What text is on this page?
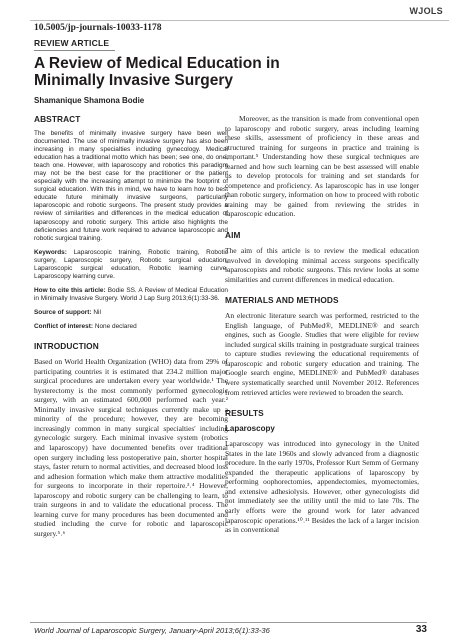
WJOLS
10.5005/jp-journals-10033-1178
REVIEW ARTICLE
A Review of Medical Education in Minimally Invasive Surgery
Shamanique Shamona Bodie
ABSTRACT

The benefits of minimally invasive surgery have been well documented. The use of minimally invasive surgery has also been increasing in many specialties including gynecology. Medical education has a traditional motto which has been; see one, do one, teach one. However, with laparoscopy and robotics this paradigm may not be the best case for the practitioner or the patient especially with the increasing attempt to minimize the footprint of surgical education. With this in mind, we have to learn how to best educate future minimally invasive surgeons, particularly laparoscopic and robotic surgeons. The present study provides a review of similarities and differences in the medical education of laparoscopy and robotic surgery. This article also highlights the deficiencies and future work required to advance laparoscopic and robotic surgical training.

Keywords: Laparoscopic training, Robotic training, Robotic surgery, Laparoscopic surgery, Robotic surgical education, Laparoscopic surgical education, Robotic learning curve, Laparoscopy learning curve.

How to cite this article: Bodie SS. A Review of Medical Education in Minimally Invasive Surgery. World J Lap Surg 2013;6(1):33-36.

Source of support: Nil

Conflict of interest: None declared

INTRODUCTION

Based on World Health Organization (WHO) data from 29% of participating countries it is estimated that 234.2 million major surgical procedures are undertaken every year worldwide.¹ The hysterectomy is the most commonly performed gynecologic surgery, with an estimated 600,000 performed each year.² Minimally invasive surgical techniques currently make up a minority of the procedure; however, they are becoming increasingly common in many surgical specialties' including gynecologic surgery. Each minimal invasive system (robotics and laparoscopy) have documented benefits over traditional open surgery including less postoperative pain, shorter hospital stays, faster return to normal activities, and decreased blood loss and adhesion formation which make them attractive modalities for surgeons to incorporate in their repertoire.³˒⁴ However, laparoscopy and robotic surgery can be challenging to learn, to train surgeons in and to validate the educational process. The learning curve for many procedures has been documented and studied including the curve for robotic and laparoscopic surgery.⁵˒⁶

Moreover, as the transition is made from conventional open to laparoscopy and robotic surgery, areas including learning these skills, assessment of proficiency in these areas and structured training for surgeons in practice and training is important.⁵ Understanding how these surgical techniques are learned and how such learning can be best assessed will enable us to develop protocols for training and set standards for competence and proficiency. As laparoscopic has in use longer than robotic surgery, information on how to proceed with robotic training may be gained from reviewing the strides in laparoscopic education.

AIM

The aim of this article is to review the medical education involved in developing minimal access surgeons specifically laparoscopists and robotic surgeons. This review looks at some similarities and current differences in medical education.

MATERIALS AND METHODS

An electronic literature search was performed, restricted to the English language, of PubMed®, MEDLINE® and search engines, such as Google. Studies that were eligible for review included surgical skills training in postgraduate surgical trainees to capture studies reviewing the educational requirements of laparoscopic and robotic surgery education and training. The Google search engine, MEDLINE® and PubMed® databases were systematically searched until November 2012. References from retrieved articles were reviewed to broaden the search.

RESULTS
Laparoscopy

Laparoscopy was introduced into gynecology in the United States in the late 1960s and slowly advanced from a diagnostic procedure. In the early 1970s, Professor Kurt Semm of Germany expanded the therapeutic applications of laparoscopy by performing oophorectomies, appendectomies, myomectomies, and extensive adhesiolysis. However, other gynecologists did not immediately see the utility until the mid to late 70s. The early efforts were the ground work for later advanced laparoscopic operations.¹⁰˒¹¹ Besides the lack of a larger incision as in conventional

World Journal of Laparoscopic Surgery, January-April 2013;6(1):33-36	33
